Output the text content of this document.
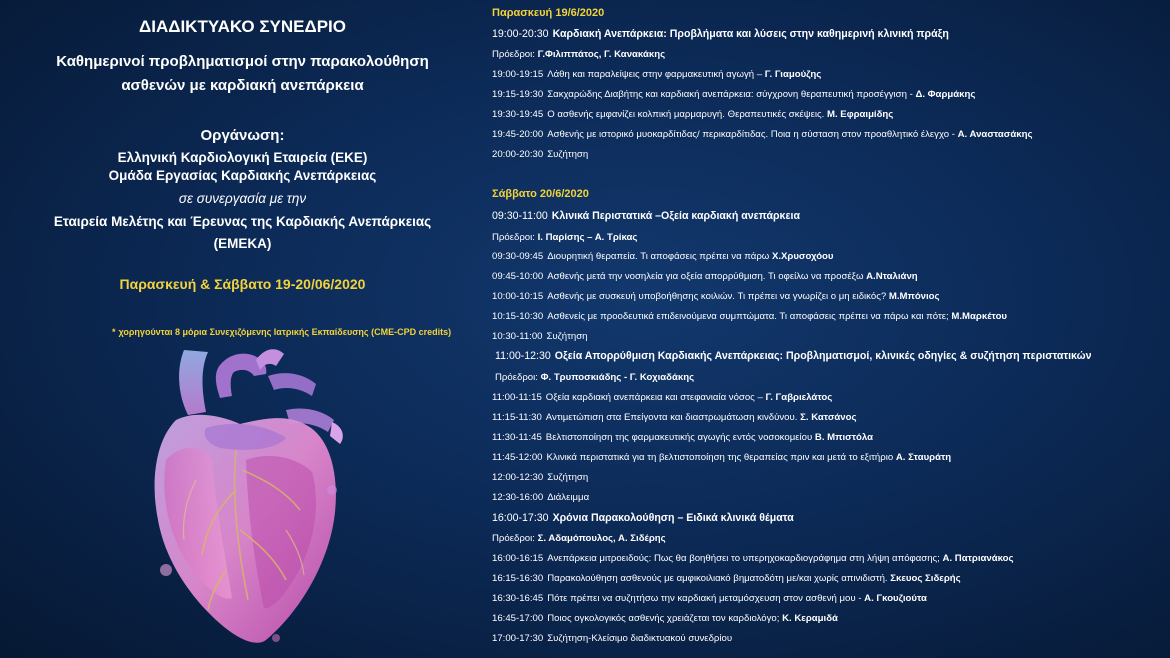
ΔΙΑΔΙΚΤΥΑΚΟ ΣΥΝΕΔΡΙΟ
Καθημερινοί προβληματισμοί στην παρακολούθηση
ασθενών με καρδιακή ανεπάρκεια
Οργάνωση:
Ελληνική Καρδιολογική Εταιρεία (ΕΚΕ)
Ομάδα Εργασίας Καρδιακής Ανεπάρκειας
σε συνεργασία με την
Εταιρεία Μελέτης και Έρευνας της Καρδιακής Ανεπάρκειας
(ΕΜΕΚΑ)
Παρασκευή & Σάββατο 19-20/06/2020
* χορηγούνται 8 μόρια Συνεχιζόμενης Ιατρικής Εκπαίδευσης (CME-CPD credits)
Παρασκευή 19/6/2020
19:00-20:30 Καρδιακή Ανεπάρκεια: Προβλήματα και λύσεις στην καθημερινή κλινική πράξη
Πρόεδροι: Γ.Φιλιππάτος, Γ. Κανακάκης
19:00-19:15 Λάθη και παραλείψεις στην φαρμακευτική αγωγή – Γ. Γιαμούζης
19:15-19:30 Σακχαρώδης Διαβήτης και καρδιακή ανεπάρκεια: σύγχρονη θεραπευτική προσέγγιση - Δ. Φαρμάκης
19:30-19:45 Ο ασθενής εμφανίζει κολπική μαρμαρυγή. Θεραπευτικές σκέψεις. Μ. Εφραιμίδης
19:45-20:00 Ασθενής με ιστορικό μυοκαρδίτιδας/ περικαρδίτιδας. Ποια η σύσταση στον προαθλητικό έλεγχο - Α. Αναστασάκης
20:00-20:30 Συζήτηση
Σάββατο 20/6/2020
09:30-11:00 Κλινικά Περιστατικά –Οξεία καρδιακή ανεπάρκεια
Πρόεδροι: Ι. Παρίσης – Α. Τρίκας
09:30-09:45 Διουρητική θεραπεία. Τι αποφάσεις πρέπει να πάρω Χ.Χρυσοχόου
09:45-10:00 Ασθενής μετά την νοσηλεία για οξεία απορρύθμιση. Τι οφείλω να προσέξω Α.Νταλιάνη
10:00-10:15 Ασθενής με συσκευή υποβοήθησης κοιλιών. Τι πρέπει να γνωρίζει ο μη ειδικός? Μ.Μπόνιος
10:15-10:30 Ασθενείς με προοδευτικά επιδεινούμενα συμπτώματα. Τι αποφάσεις πρέπει να πάρω και πότε; Μ.Μαρκέτου
10:30-11:00 Συζήτηση
11:00-12:30 Οξεία Απορρύθμιση Καρδιακής Ανεπάρκειας: Προβληματισμοί, κλινικές οδηγίες & συζήτηση περιστατικών
Πρόεδροι: Φ. Τρυποσκιάδης - Γ. Κοχιαδάκης
11:00-11:15 Οξεία καρδιακή ανεπάρκεια και στεφανιαία νόσος – Γ. Γαβριελάτος
11:15-11:30 Αντιμετώπιση στα Επείγοντα και διαστρωμάτωση κινδύνου. Σ. Κατσάνος
11:30-11:45 Βελτιστοποίηση της φαρμακευτικής αγωγής εντός νοσοκομείου Β. Μπιστόλα
11:45-12:00 Κλινικά περιστατικά για τη βελτιστοποίηση της θεραπείας πριν και μετά το εξιτήριο Α. Σταυράτη
12:00-12:30 Συζήτηση
12:30-16:00 Διάλειμμα
16:00-17:30 Χρόνια Παρακολούθηση – Ειδικά κλινικά θέματα
Πρόεδροι: Σ. Αδαμόπουλος, Α. Σιδέρης
16:00-16:15 Ανεπάρκεια μιτροειδούς: Πως θα βοηθήσει το υπερηχοκαρδιογράφημα στη λήψη απόφασης; Α. Πατριανάκος
16:15-16:30 Παρακολούθηση ασθενούς με αμφικοιλιακό βηματοδότη με/και χωρίς απινιδιστή. Σκευος Σιδερής
16:30-16:45 Πότε πρέπει να συζητήσω την καρδιακή μεταμόσχευση στον ασθενή μου - Α. Γκουζιούτα
16:45-17:00 Ποιος ογκολογικός ασθενής χρειάζεται τον καρδιολόγο; Κ. Κεραμιδά
17:00-17:30 Συζήτηση-Κλείσιμο διαδικτυακού συνεδρίου
